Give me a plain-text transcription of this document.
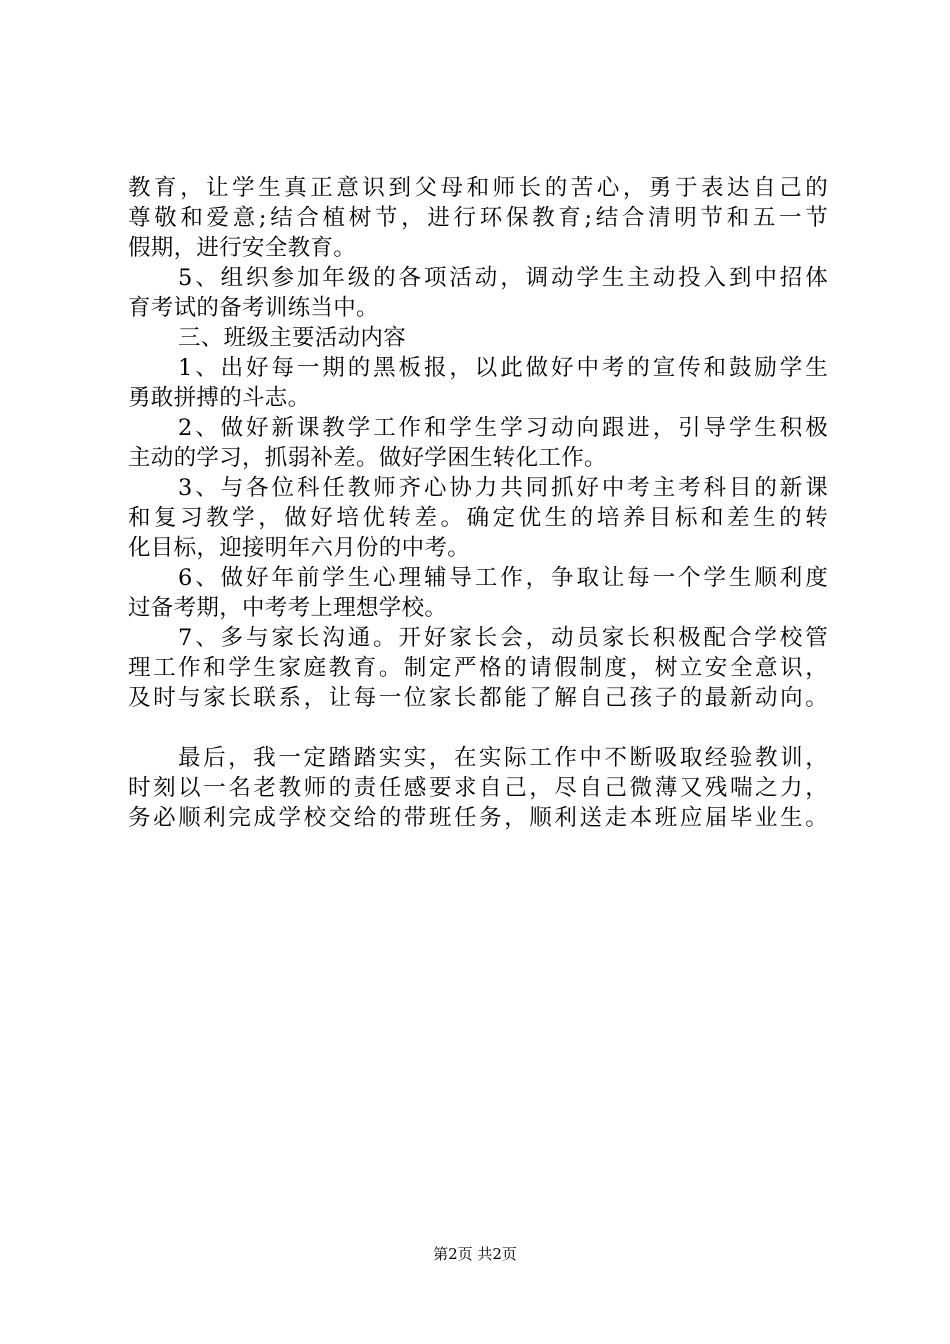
教育，让学生真正意识到父母和师长的苦心，勇于表达自己的
尊敬和爱意;结合植树节，进行环保教育;结合清明节和五一节
假期，进行安全教育。
5、组织参加年级的各项活动，调动学生主动投入到中招体
育考试的备考训练当中。
三、班级主要活动内容
1、出好每一期的黑板报，以此做好中考的宣传和鼓励学生
勇敢拼搏的斗志。
2、做好新课教学工作和学生学习动向跟进，引导学生积极
主动的学习，抓弱补差。做好学困生转化工作。
3、与各位科任教师齐心协力共同抓好中考主考科目的新课
和复习教学，做好培优转差。确定优生的培养目标和差生的转
化目标，迎接明年六月份的中考。
6、做好年前学生心理辅导工作，争取让每一个学生顺利度
过备考期，中考考上理想学校。
7、多与家长沟通。开好家长会，动员家长积极配合学校管
理工作和学生家庭教育。制定严格的请假制度，树立安全意识，
及时与家长联系，让每一位家长都能了解自己孩子的最新动向。
最后，我一定踏踏实实，在实际工作中不断吸取经验教训，
时刻以一名老教师的责任感要求自己，尽自己微薄又残喘之力，
务必顺利完成学校交给的带班任务，顺利送走本班应届毕业生。
第2页 共2页
